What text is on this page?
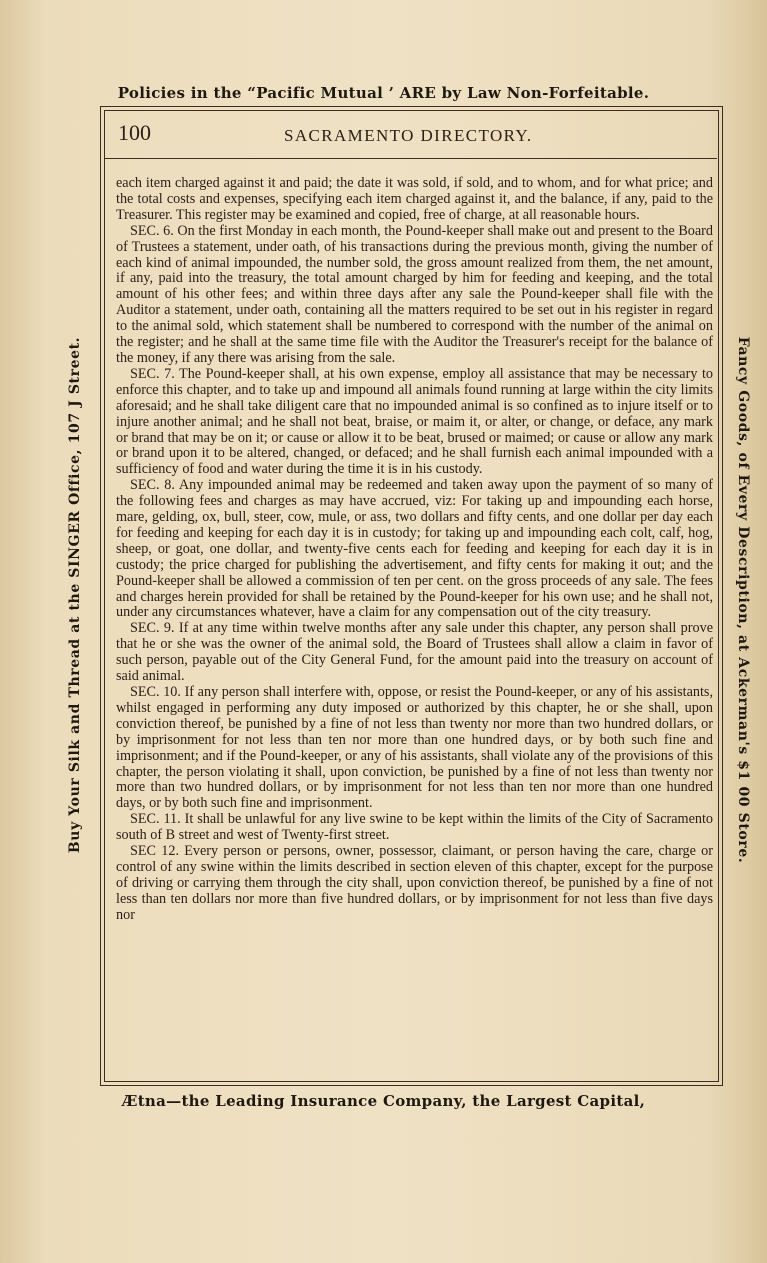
Policies in the “Pacific Mutual ’ ARE by Law Non-Forfeitable.
Buy Your Silk and Thread at the SINGER Office, 107 J Street.	Fancy Goods, of Every Description, at Ackerman's $1 00 Store.
100	SACRAMENTO DIRECTORY.

each item charged against it and paid; the date it was sold, if sold, and to whom, and for what price; and the total costs and expenses, specifying each item charged against it, and the balance, if any, paid to the Treasurer. This register may be examined and copied, free of charge, at all reasonable hours.

SEC. 6. On the first Monday in each month, the Pound-keeper shall make out and present to the Board of Trustees a statement, under oath, of his transactions during the previous month, giving the number of each kind of animal impounded, the number sold, the gross amount realized from them, the net amount, if any, paid into the treasury, the total amount charged by him for feeding and keeping, and the total amount of his other fees; and within three days after any sale the Pound-keeper shall file with the Auditor a statement, under oath, containing all the matters required to be set out in his register in regard to the animal sold, which statement shall be numbered to correspond with the number of the animal on the register; and he shall at the same time file with the Auditor the Treasurer's receipt for the balance of the money, if any there was arising from the sale.

SEC. 7. The Pound-keeper shall, at his own expense, employ all assistance that may be necessary to enforce this chapter, and to take up and impound all animals found running at large within the city limits aforesaid; and he shall take diligent care that no impounded animal is so confined as to injure itself or to injure another animal; and he shall not beat, braise, or maim it, or alter, or change, or deface, any mark or brand that may be on it; or cause or allow it to be beat, brused or maimed; or cause or allow any mark or brand upon it to be altered, changed, or defaced; and he shall furnish each animal impounded with a sufficiency of food and water during the time it is in his custody.

SEC. 8. Any impounded animal may be redeemed and taken away upon the payment of so many of the following fees and charges as may have accrued, viz: For taking up and impounding each horse, mare, gelding, ox, bull, steer, cow, mule, or ass, two dollars and fifty cents, and one dollar per day each for feeding and keeping for each day it is in custody; for taking up and impounding each colt, calf, hog, sheep, or goat, one dollar, and twenty-five cents each for feeding and keeping for each day it is in custody; the price charged for publishing the advertisement, and fifty cents for making it out; and the Pound-keeper shall be allowed a commission of ten per cent. on the gross proceeds of any sale. The fees and charges herein provided for shall be retained by the Pound-keeper for his own use; and he shall not, under any circumstances whatever, have a claim for any compensation out of the city treasury.

SEC. 9. If at any time within twelve months after any sale under this chapter, any person shall prove that he or she was the owner of the animal sold, the Board of Trustees shall allow a claim in favor of such person, payable out of the City General Fund, for the amount paid into the treasury on account of said animal.

SEC. 10. If any person shall interfere with, oppose, or resist the Pound-keeper, or any of his assistants, whilst engaged in performing any duty imposed or authorized by this chapter, he or she shall, upon conviction thereof, be punished by a fine of not less than twenty nor more than two hundred dollars, or by imprisonment for not less than ten nor more than one hundred days, or by both such fine and imprisonment; and if the Pound-keeper, or any of his assistants, shall violate any of the provisions of this chapter, the person violating it shall, upon conviction, be punished by a fine of not less than twenty nor more than two hundred dollars, or by imprisonment for not less than ten nor more than one hundred days, or by both such fine and imprisonment.

SEC. 11. It shall be unlawful for any live swine to be kept within the limits of the City of Sacramento south of B street and west of Twenty-first street.

SEC 12. Every person or persons, owner, possessor, claimant, or person having the care, charge or control of any swine within the limits described in section eleven of this chapter, except for the purpose of driving or carrying them through the city shall, upon conviction thereof, be punished by a fine of not less than ten dollars nor more than five hundred dollars, or by imprisonment for not less than five days nor

Ætna—the Leading Insurance Company, the Largest Capital,
